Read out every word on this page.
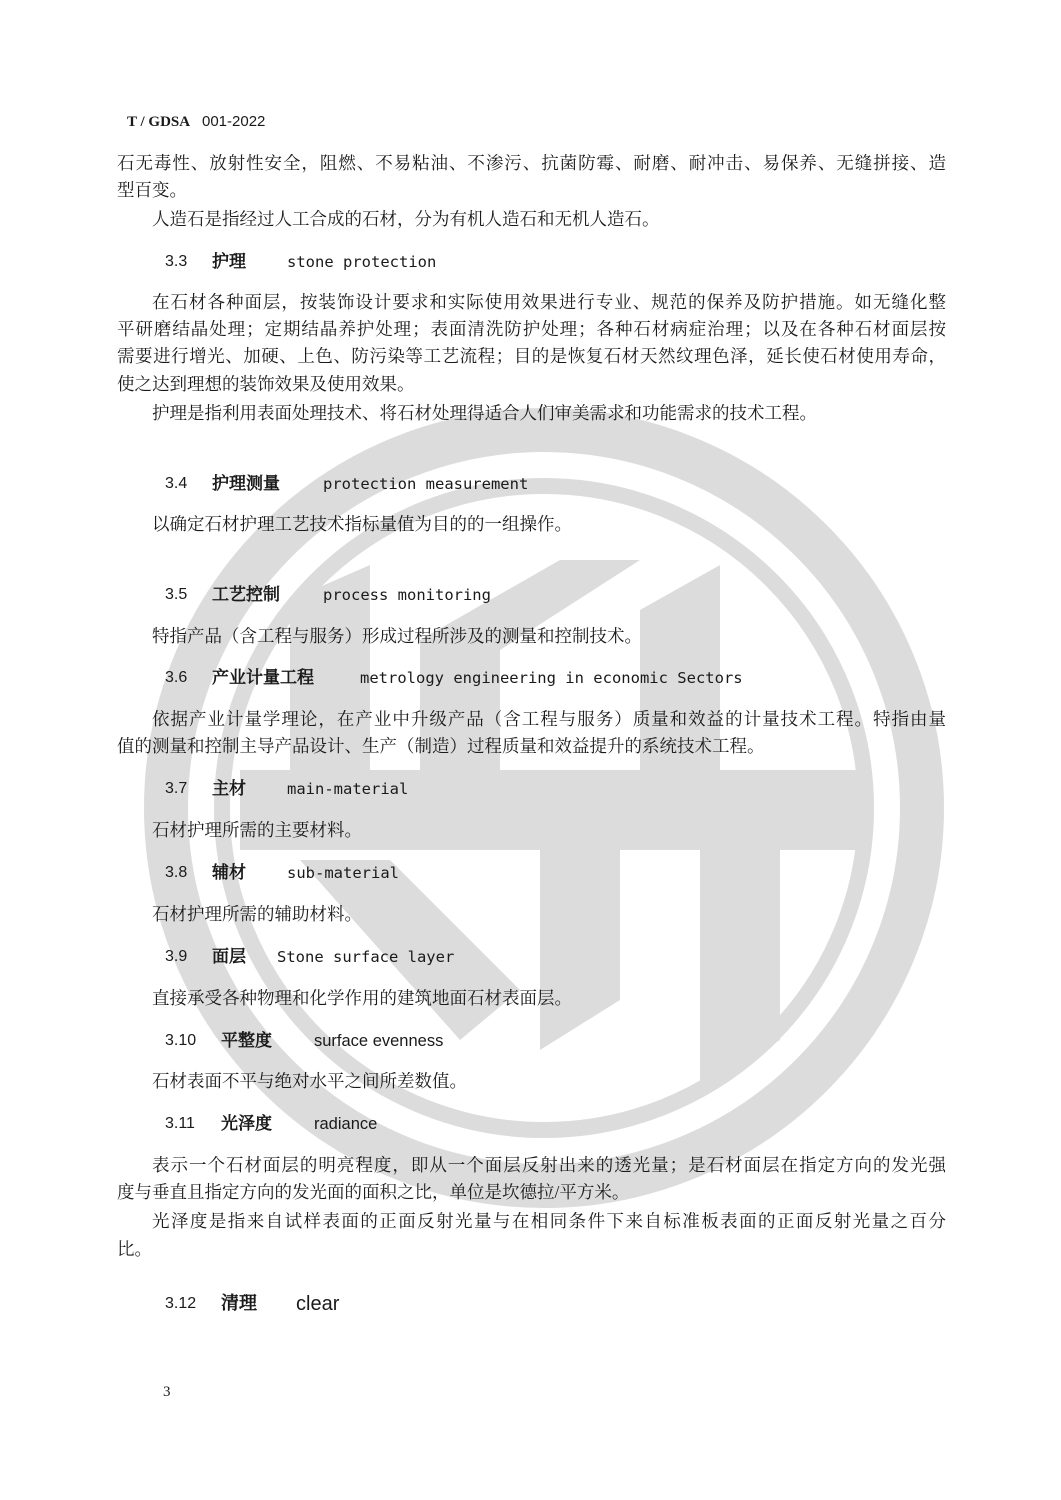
T / GDSA 001-2022
石无毒性、放射性安全，阻燃、不易粘油、不渗污、抗菌防霉、耐磨、耐冲击、易保养、无缝拼接、造
型百变。
人造石是指经过人工合成的石材，分为有机人造石和无机人造石。
3.3 护理	stone protection
在石材各种面层，按装饰设计要求和实际使用效果进行专业、规范的保养及防护措施。如无缝化整
平研磨结晶处理；定期结晶养护处理；表面清洗防护处理；各种石材病症治理；以及在各种石材面层按
需要进行增光、加硬、上色、防污染等工艺流程；目的是恢复石材天然纹理色泽，延长使石材使用寿命，
使之达到理想的装饰效果及使用效果。
护理是指利用表面处理技术、将石材处理得适合人们审美需求和功能需求的技术工程。
3.4 护理测量	protection measurement
以确定石材护理工艺技术指标量值为目的的一组操作。
3.5 工艺控制	process monitoring
特指产品（含工程与服务）形成过程所涉及的测量和控制技术。
3.6 产业计量工程	metrology engineering in economic Sectors
依据产业计量学理论，在产业中升级产品（含工程与服务）质量和效益的计量技术工程。特指由量
值的测量和控制主导产品设计、生产（制造）过程质量和效益提升的系统技术工程。
3.7 主材	main-material
石材护理所需的主要材料。
3.8 辅材	sub-material
石材护理所需的辅助材料。
3.9 面层 Stone surface layer
直接承受各种物理和化学作用的建筑地面石材表面层。
3.10 平整度	surface evenness
石材表面不平与绝对水平之间所差数值。
3.11 光泽度	radiance
表示一个石材面层的明亮程度，即从一个面层反射出来的透光量；是石材面层在指定方向的发光强
度与垂直且指定方向的发光面的面积之比，单位是坎德拉/平方米。
光泽度是指来自试样表面的正面反射光量与在相同条件下来自标准板表面的正面反射光量之百分
比。
3.12 清理 clear
3
